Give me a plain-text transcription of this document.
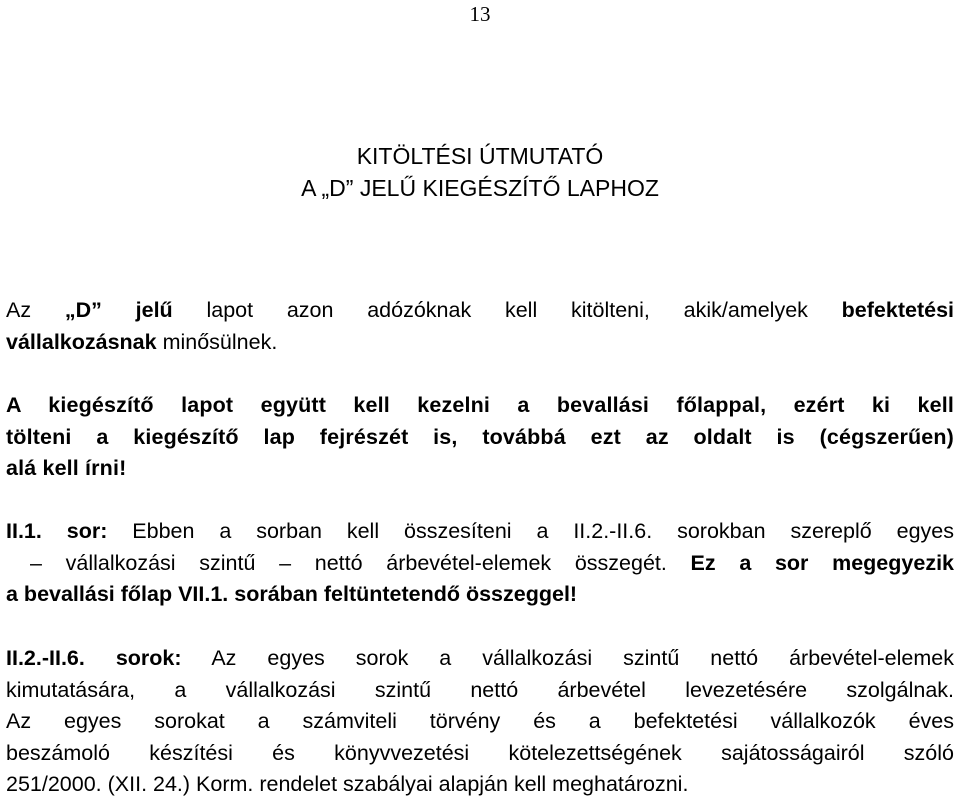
13
KITÖLTÉSI ÚTMUTATÓ
A „D” JELŰ KIEGÉSZÍTŐ LAPHOZ
Az „D” jelű lapot azon adózóknak kell kitölteni, akik/amelyek befektetési
vállalkozásnak minősülnek.
A kiegészítő lapot együtt kell kezelni a bevallási főlappal, ezért ki kell
tölteni a kiegészítő lap fejrészét is, továbbá ezt az oldalt is (cégszerűen)
alá kell írni!
II.1. sor: Ebben a sorban kell összesíteni a II.2.-II.6. sorokban szereplő egyes
– vállalkozási szintű – nettó árbevétel-elemek összegét. Ez a sor megegyezik
a bevallási főlap VII.1. sorában feltüntetendő összeggel!
II.2.-II.6. sorok: Az egyes sorok a vállalkozási szintű nettó árbevétel-elemek
kimutatására, a vállalkozási szintű nettó árbevétel levezetésére szolgálnak.
Az egyes sorokat a számviteli törvény és a befektetési vállalkozók éves
beszámoló készítési és könyvvezetési kötelezettségének sajátosságairól szóló
251/2000. (XII. 24.) Korm. rendelet szabályai alapján kell meghatározni.
